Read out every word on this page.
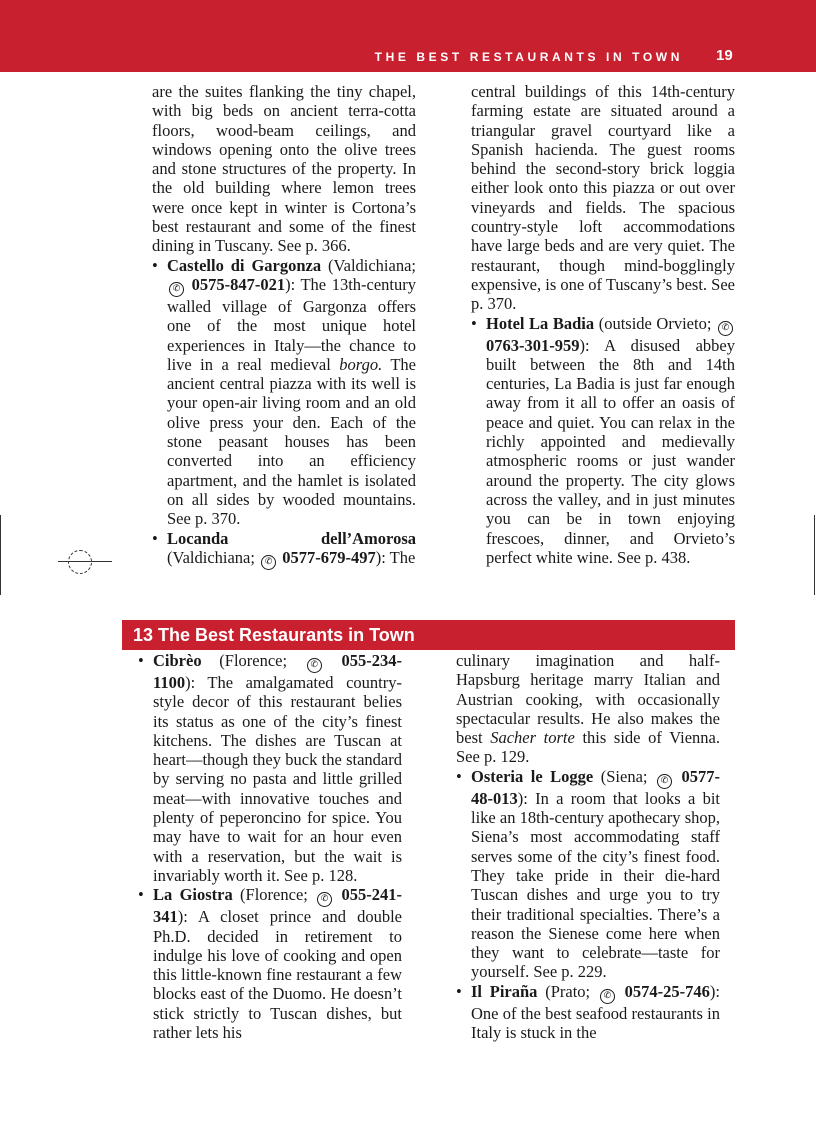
THE BEST RESTAURANTS IN TOWN 19

are the suites flanking the tiny chapel, with big beds on ancient terra-cotta floors, wood-beam ceilings, and windows opening onto the olive trees and stone structures of the property. In the old building where lemon trees were once kept in winter is Cortona’s best restaurant and some of the finest dining in Tuscany. See p. 366.

• Castello di Gargonza (Valdichiana; ✆ 0575-847-021): The 13th-century walled village of Gargonza offers one of the most unique hotel experiences in Italy—the chance to live in a real medieval borgo. The ancient central piazza with its well is your open-air living room and an old olive press your den. Each of the stone peasant houses has been converted into an efficiency apartment, and the hamlet is isolated on all sides by wooded mountains. See p. 370.

• Locanda dell’Amorosa (Valdichiana; ✆ 0577-679-497): The

central buildings of this 14th-century farming estate are situated around a triangular gravel courtyard like a Spanish hacienda. The guest rooms behind the second-story brick loggia either look onto this piazza or out over vineyards and fields. The spacious country-style loft accommodations have large beds and are very quiet. The restaurant, though mind-bogglingly expensive, is one of Tuscany’s best. See p. 370.

• Hotel La Badia (outside Orvieto; ✆ 0763-301-959): A disused abbey built between the 8th and 14th centuries, La Badia is just far enough away from it all to offer an oasis of peace and quiet. You can relax in the richly appointed and medievally atmospheric rooms or just wander around the property. The city glows across the valley, and in just minutes you can be in town enjoying frescoes, dinner, and Orvieto’s perfect white wine. See p. 438.

13 The Best Restaurants in Town

• Cibrèo (Florence; ✆ 055-234-1100): The amalgamated country-style decor of this restaurant belies its status as one of the city’s finest kitchens. The dishes are Tuscan at heart—though they buck the standard by serving no pasta and little grilled meat—with innovative touches and plenty of peperoncino for spice. You may have to wait for an hour even with a reservation, but the wait is invariably worth it. See p. 128.

• La Giostra (Florence; ✆ 055-241-341): A closet prince and double Ph.D. decided in retirement to indulge his love of cooking and open this little-known fine restaurant a few blocks east of the Duomo. He doesn’t stick strictly to Tuscan dishes, but rather lets his

culinary imagination and half-Hapsburg heritage marry Italian and Austrian cooking, with occasionally spectacular results. He also makes the best Sacher torte this side of Vienna. See p. 129.

• Osteria le Logge (Siena; ✆ 0577-48-013): In a room that looks a bit like an 18th-century apothecary shop, Siena’s most accommodating staff serves some of the city’s finest food. They take pride in their die-hard Tuscan dishes and urge you to try their traditional specialties. There’s a reason the Sienese come here when they want to celebrate—taste for yourself. See p. 229.

• Il Pirañа (Prato; ✆ 0574-25-746): One of the best seafood restaurants in Italy is stuck in the
